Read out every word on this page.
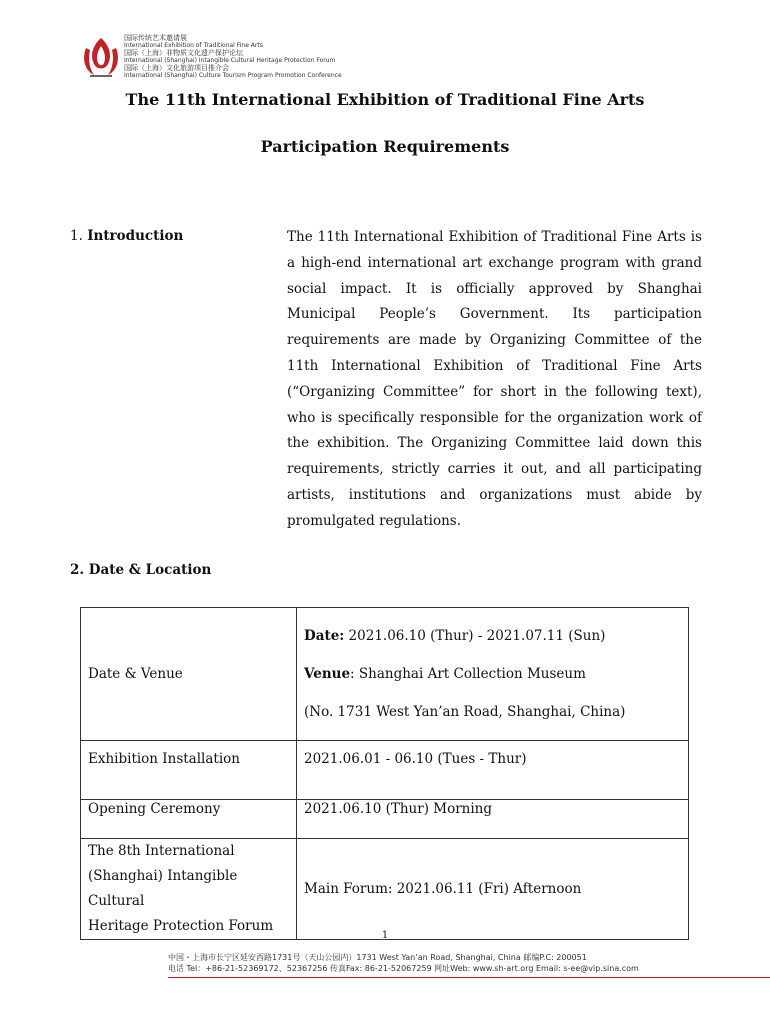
国际传统艺术邀请展
International Exhibition of Traditional Fine Arts
国际（上海）非物质文化遗产保护论坛
International (Shanghai) Intangible Cultural Heritage Protection Forum
国际（上海）文化旅游项目推介会
International (Shanghai) Culture Tourism Program Promotion Conference
The 11th International Exhibition of Traditional Fine Arts
Participation Requirements
1. Introduction	The 11th International Exhibition of Traditional Fine Arts is a high-end international art exchange program with grand social impact. It is officially approved by Shanghai Municipal People’s Government. Its participation requirements are made by Organizing Committee of the 11th International Exhibition of Traditional Fine Arts (“Organizing Committee” for short in the following text), who is specifically responsible for the organization work of the exhibition. The Organizing Committee laid down this requirements, strictly carries it out, and all participating artists, institutions and organizations must abide by promulgated regulations.
2. Date & Location
Date & Venue	Date: 2021.06.10 (Thur) - 2021.07.11 (Sun)

Venue: Shanghai Art Collection Museum

(No. 1731 West Yan’an Road, Shanghai, China)

Exhibition Installation	2021.06.01 - 06.10 (Tues - Thur)
Opening Ceremony	2021.06.10 (Thur) Morning

The 8th International
(Shanghai) Intangible Cultural
Heritage Protection Forum	Main Forum: 2021.06.11 (Fri) Afternoon
1
中国・上海市长宁区延安西路1731号（天山公园内）1731 West Yan’an Road, Shanghai, China 邮编P.C: 200051
电话 Tel：+86-21-52369172、52367256 传真Fax: 86-21-52067259 网址Web: www.sh-art.org Email: s-ee@vip.sina.com
